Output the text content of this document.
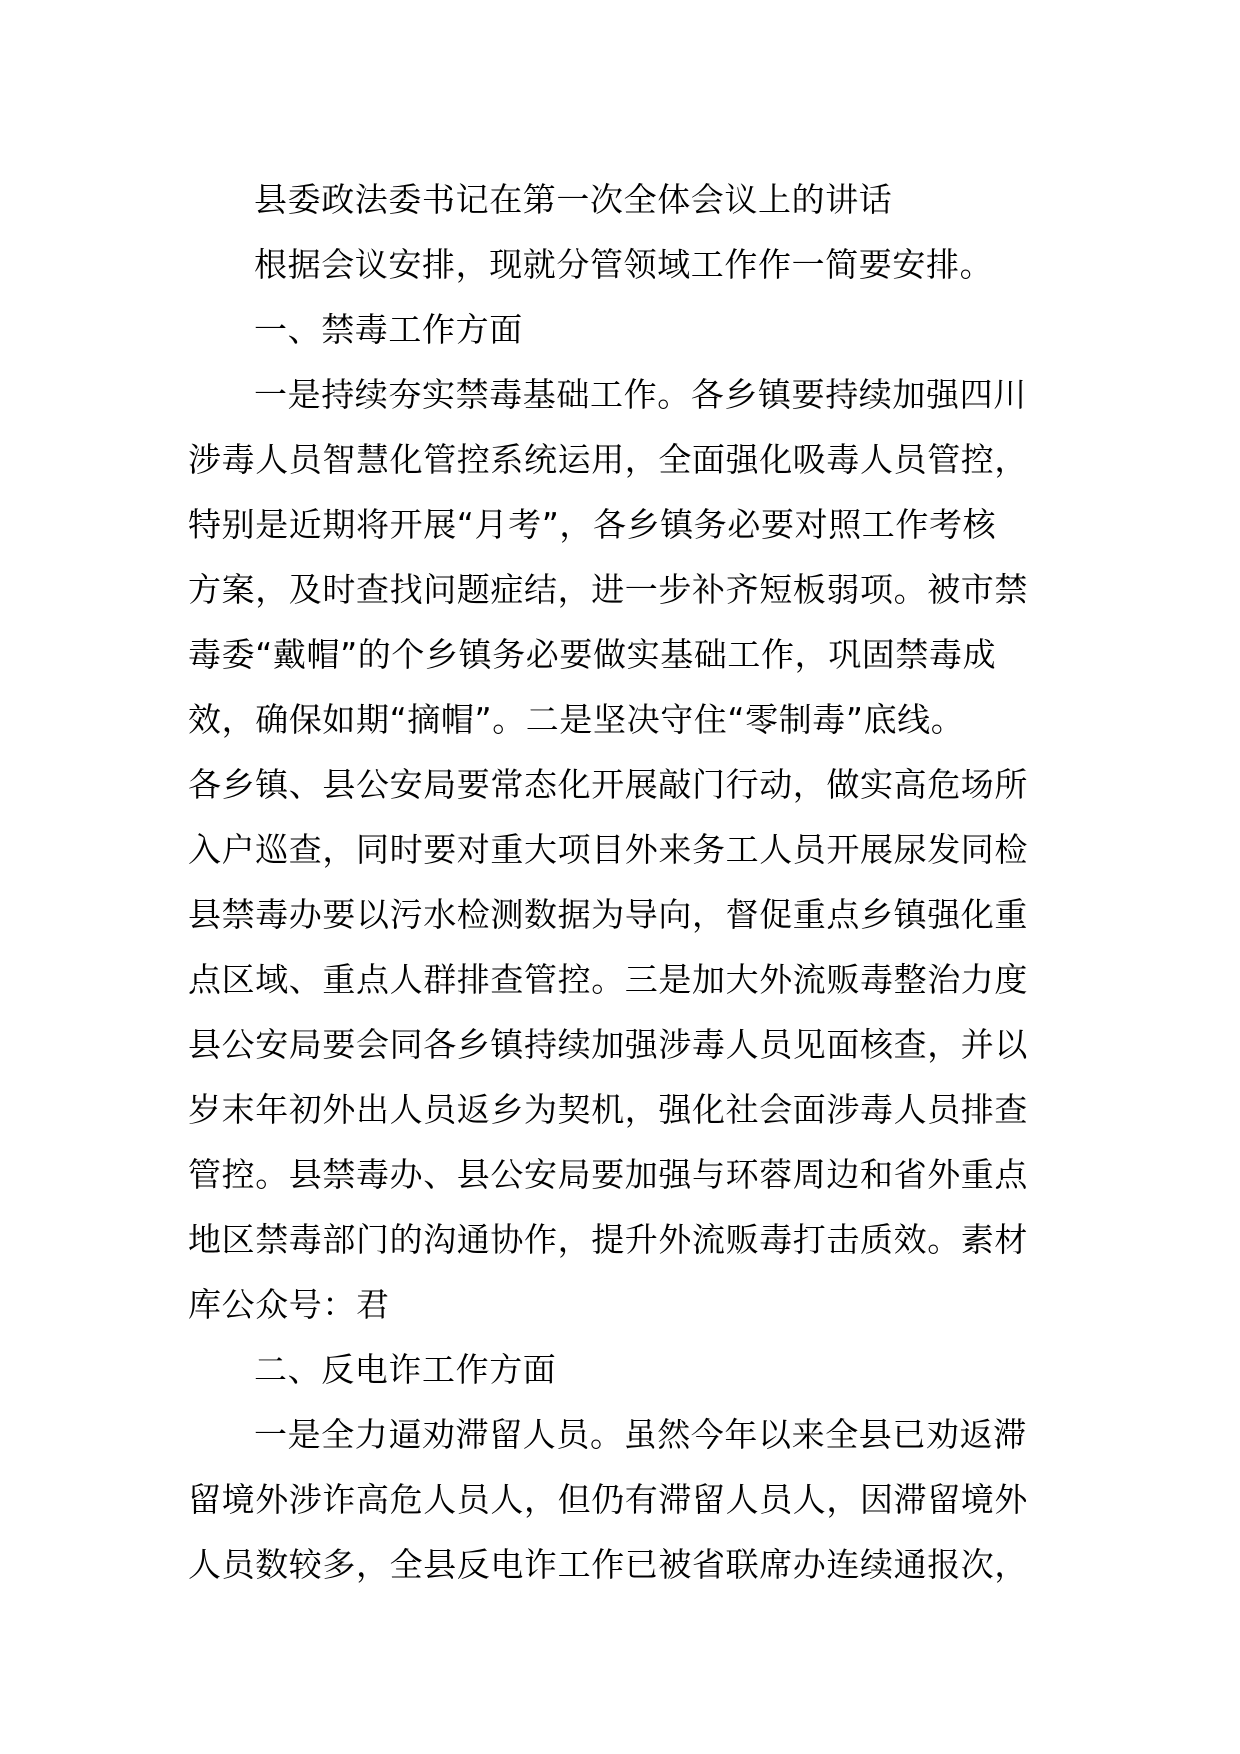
县委政法委书记在第一次全体会议上的讲话
根据会议安排，现就分管领域工作作一简要安排。
一、禁毒工作方面
一是持续夯实禁毒基础工作。各乡镇要持续加强四川
涉毒人员智慧化管控系统运用，全面强化吸毒人员管控，
特别是近期将开展“月考”，各乡镇务必要对照工作考核
方案，及时查找问题症结，进一步补齐短板弱项。被市禁
毒委“戴帽”的个乡镇务必要做实基础工作，巩固禁毒成
效，确保如期“摘帽”。二是坚决守住“零制毒”底线。
各乡镇、县公安局要常态化开展敲门行动，做实高危场所
入户巡查，同时要对重大项目外来务工人员开展尿发同检
县禁毒办要以污水检测数据为导向，督促重点乡镇强化重
点区域、重点人群排查管控。三是加大外流贩毒整治力度
县公安局要会同各乡镇持续加强涉毒人员见面核查，并以
岁末年初外出人员返乡为契机，强化社会面涉毒人员排查
管控。县禁毒办、县公安局要加强与环蓉周边和省外重点
地区禁毒部门的沟通协作，提升外流贩毒打击质效。素材
库公众号：君
二、反电诈工作方面
一是全力逼劝滞留人员。虽然今年以来全县已劝返滞
留境外涉诈高危人员人，但仍有滞留人员人，因滞留境外
人员数较多，全县反电诈工作已被省联席办连续通报次，
